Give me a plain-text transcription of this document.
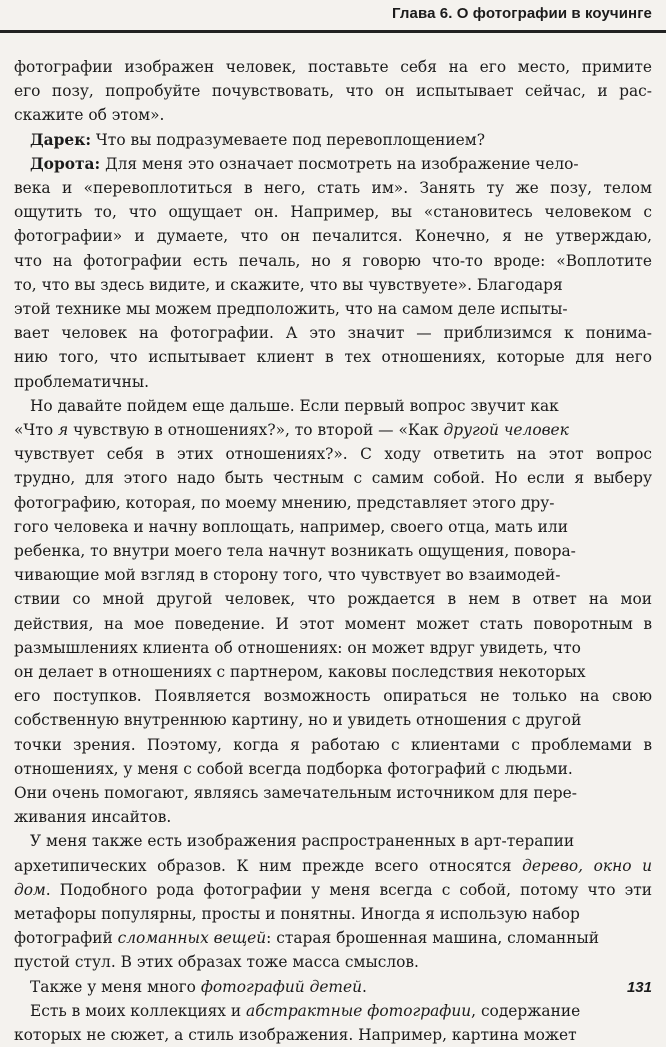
Глава 6. О фотографии в коучинге
фотографии изображен человек, поставьте себя на его место, примите
его позу, попробуйте почувствовать, что он испытывает сейчас, и рас-
скажите об этом».
Дарек: Что вы подразумеваете под перевоплощением?
Дорота: Для меня это означает посмотреть на изображение чело-
века и «перевоплотиться в него, стать им». Занять ту же позу, телом
ощутить то, что ощущает он. Например, вы «становитесь человеком с
фотографии» и думаете, что он печалится. Конечно, я не утверждаю,
что на фотографии есть печаль, но я говорю что-то вроде: «Воплотите
то, что вы здесь видите, и скажите, что вы чувствуете». Благодаря
этой технике мы можем предположить, что на самом деле испыты-
вает человек на фотографии. А это значит — приблизимся к понима-
нию того, что испытывает клиент в тех отношениях, которые для него
проблематичны.
Но давайте пойдем еще дальше. Если первый вопрос звучит как
«Что я чувствую в отношениях?», то второй — «Как другой человек
чувствует себя в этих отношениях?». С ходу ответить на этот вопрос
трудно, для этого надо быть честным с самим собой. Но если я выберу
фотографию, которая, по моему мнению, представляет этого дру-
гого человека и начну воплощать, например, своего отца, мать или
ребенка, то внутри моего тела начнут возникать ощущения, повора-
чивающие мой взгляд в сторону того, что чувствует во взаимодей-
ствии со мной другой человек, что рождается в нем в ответ на мои
действия, на мое поведение. И этот момент может стать поворотным в
размышлениях клиента об отношениях: он может вдруг увидеть, что
он делает в отношениях с партнером, каковы последствия некоторых
его поступков. Появляется возможность опираться не только на свою
собственную внутреннюю картину, но и увидеть отношения с другой
точки зрения. Поэтому, когда я работаю с клиентами с проблемами в
отношениях, у меня с собой всегда подборка фотографий с людьми.
Они очень помогают, являясь замечательным источником для пере-
живания инсайтов.
У меня также есть изображения распространенных в арт-терапии
архетипических образов. К ним прежде всего относятся дерево, окно и
дом. Подобного рода фотографии у меня всегда с собой, потому что эти
метафоры популярны, просты и понятны. Иногда я использую набор
фотографий сломанных вещей: старая брошенная машина, сломанный
пустой стул. В этих образах тоже масса смыслов.
Также у меня много фотографий детей.
Есть в моих коллекциях и абстрактные фотографии, содержание
которых не сюжет, а стиль изображения. Например, картина может
131
